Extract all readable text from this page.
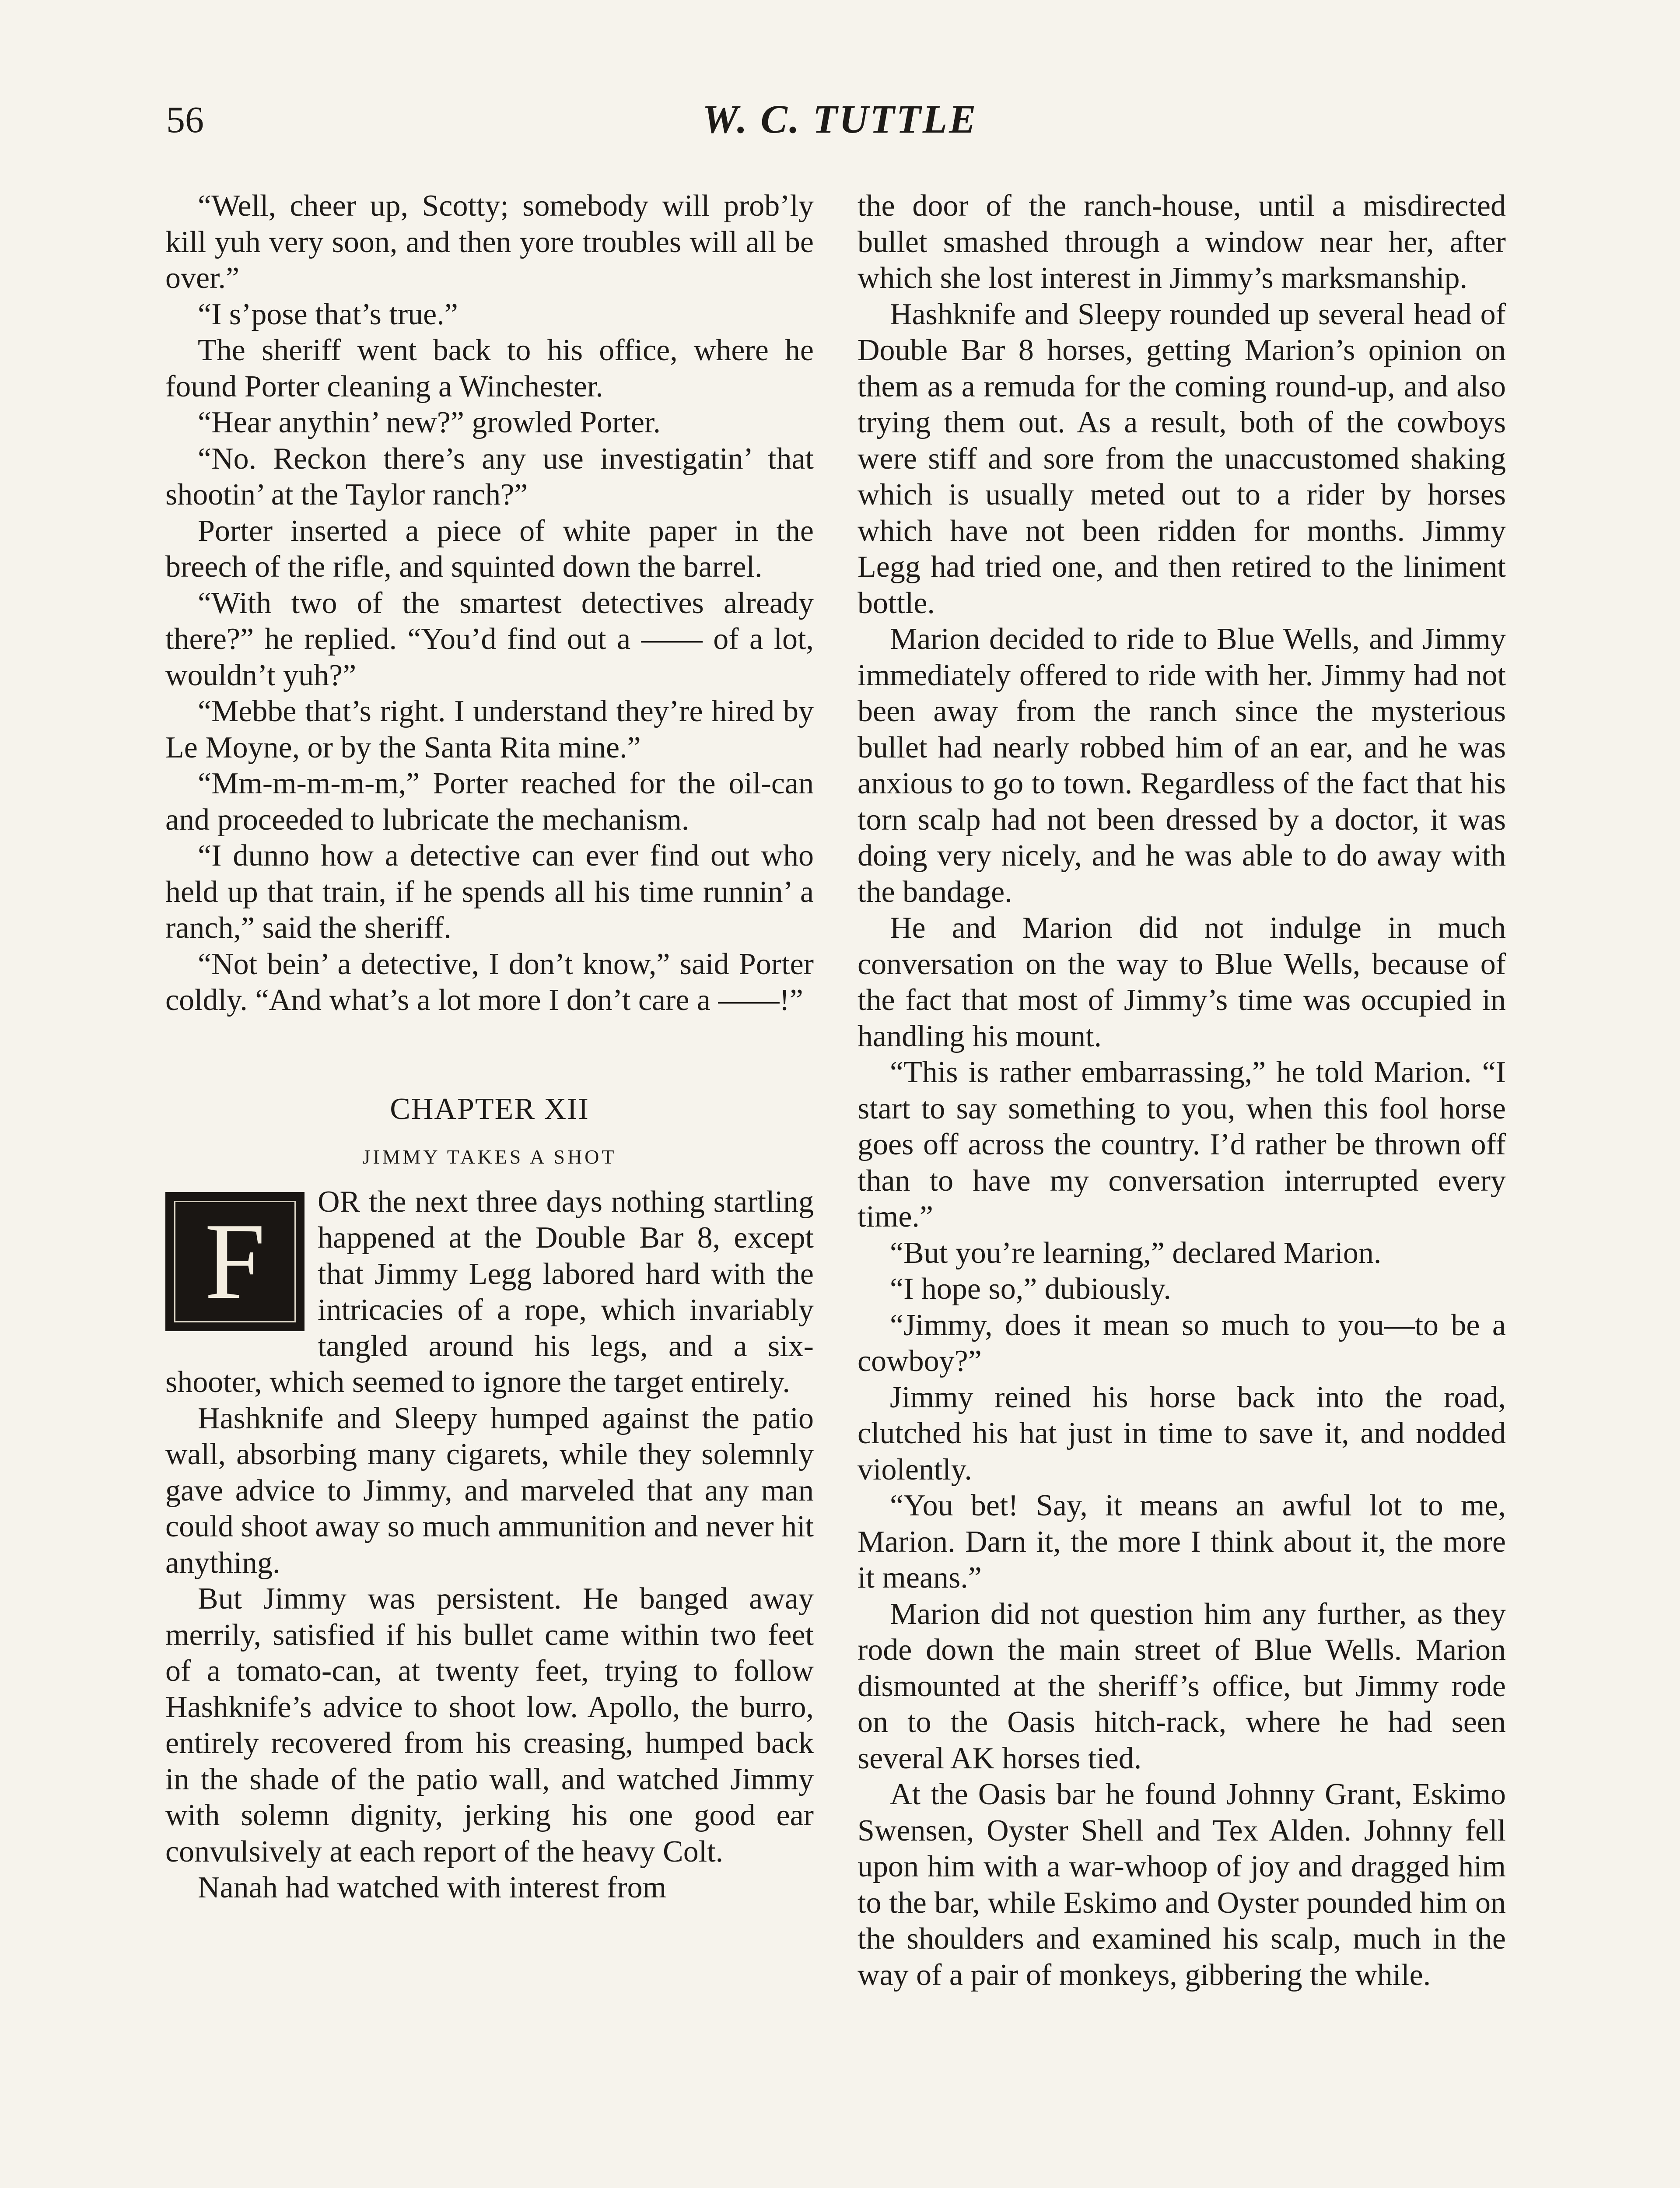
56	W. C. TUTTLE

“Well, cheer up, Scotty; somebody will prob’ly kill yuh very soon, and then yore troubles will all be over.”

“I s’pose that’s true.”

The sheriff went back to his office, where he found Porter cleaning a Winchester.

“Hear anythin’ new?” growled Porter.

“No. Reckon there’s any use investigatin’ that shootin’ at the Taylor ranch?”

Porter inserted a piece of white paper in the breech of the rifle, and squinted down the barrel.

“With two of the smartest detectives already there?” he replied. “You’d find out a —— of a lot, wouldn’t yuh?”

“Mebbe that’s right. I understand they’re hired by Le Moyne, or by the Santa Rita mine.”

“Mm-m-m-m-m,” Porter reached for the oil-can and proceeded to lubricate the mechanism.

“I dunno how a detective can ever find out who held up that train, if he spends all his time runnin’ a ranch,” said the sheriff.

“Not bein’ a detective, I don’t know,” said Porter coldly. “And what’s a lot more I don’t care a ——!”

CHAPTER XII
JIMMY TAKES A SHOT

F	OR the next three days nothing startling happened at the Double Bar 8, except that Jimmy Legg labored hard with the intricacies of a rope, which invariably tangled around his legs, and a six-shooter, which seemed to ignore the target entirely.

Hashknife and Sleepy humped against the patio wall, absorbing many cigarets, while they solemnly gave advice to Jimmy, and marveled that any man could shoot away so much ammunition and never hit anything.

But Jimmy was persistent. He banged away merrily, satisfied if his bullet came within two feet of a tomato-can, at twenty feet, trying to follow Hashknife’s advice to shoot low. Apollo, the burro, entirely recovered from his creasing, humped back in the shade of the patio wall, and watched Jimmy with solemn dignity, jerking his one good ear convulsively at each report of the heavy Colt.

Nanah had watched with interest from

the door of the ranch-house, until a misdirected bullet smashed through a window near her, after which she lost interest in Jimmy’s marksmanship.

Hashknife and Sleepy rounded up several head of Double Bar 8 horses, getting Marion’s opinion on them as a remuda for the coming round-up, and also trying them out. As a result, both of the cowboys were stiff and sore from the unaccustomed shaking which is usually meted out to a rider by horses which have not been ridden for months. Jimmy Legg had tried one, and then retired to the liniment bottle.

Marion decided to ride to Blue Wells, and Jimmy immediately offered to ride with her. Jimmy had not been away from the ranch since the mysterious bullet had nearly robbed him of an ear, and he was anxious to go to town. Regardless of the fact that his torn scalp had not been dressed by a doctor, it was doing very nicely, and he was able to do away with the bandage.

He and Marion did not indulge in much conversation on the way to Blue Wells, because of the fact that most of Jimmy’s time was occupied in handling his mount.

“This is rather embarrassing,” he told Marion. “I start to say something to you, when this fool horse goes off across the country. I’d rather be thrown off than to have my conversation interrupted every time.”

“But you’re learning,” declared Marion.

“I hope so,” dubiously.

“Jimmy, does it mean so much to you—to be a cowboy?”

Jimmy reined his horse back into the road, clutched his hat just in time to save it, and nodded violently.

“You bet! Say, it means an awful lot to me, Marion. Darn it, the more I think about it, the more it means.”

Marion did not question him any further, as they rode down the main street of Blue Wells. Marion dismounted at the sheriff’s office, but Jimmy rode on to the Oasis hitch-rack, where he had seen several AK horses tied.

At the Oasis bar he found Johnny Grant, Eskimo Swensen, Oyster Shell and Tex Alden. Johnny fell upon him with a war-whoop of joy and dragged him to the bar, while Eskimo and Oyster pounded him on the shoulders and examined his scalp, much in the way of a pair of monkeys, gibbering the while.
